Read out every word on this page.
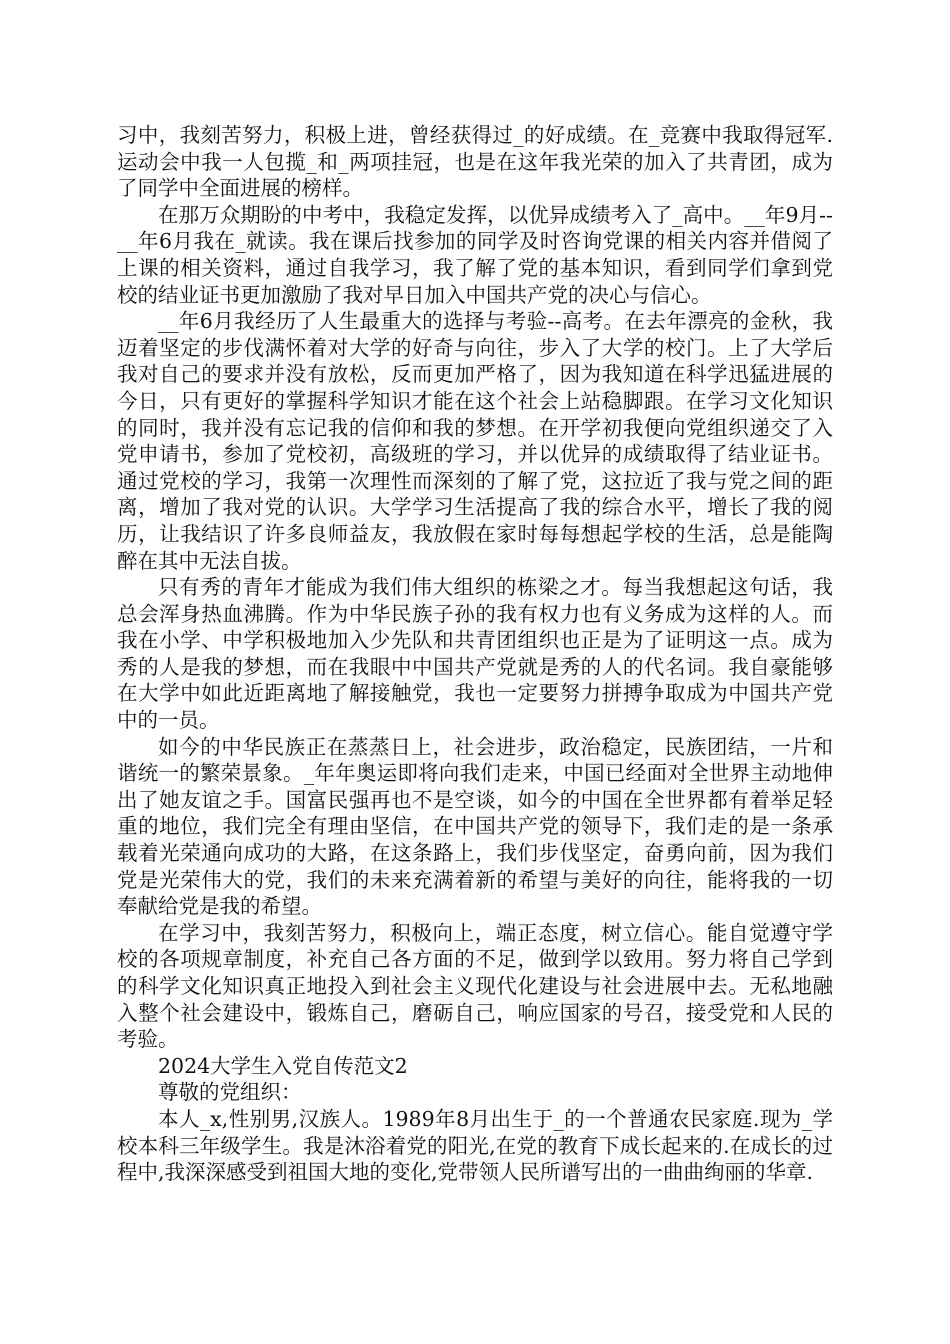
习中，我刻苦努力，积极上进，曾经获得过_的好成绩。在_竞赛中我取得冠军.运动会中我一人包揽_和_两项挂冠，也是在这年我光荣的加入了共青团，成为了同学中全面进展的榜样。

在那万众期盼的中考中，我稳定发挥，以优异成绩考入了_高中。__年9月--__年6月我在_就读。我在课后找参加的同学及时咨询党课的相关内容并借阅了上课的相关资料，通过自我学习，我了解了党的基本知识，看到同学们拿到党校的结业证书更加激励了我对早日加入中国共产党的决心与信心。

__年6月我经历了人生最重大的选择与考验--高考。在去年漂亮的金秋，我迈着坚定的步伐满怀着对大学的好奇与向往，步入了大学的校门。上了大学后我对自己的要求并没有放松，反而更加严格了，因为我知道在科学迅猛进展的今日，只有更好的掌握科学知识才能在这个社会上站稳脚跟。在学习文化知识的同时，我并没有忘记我的信仰和我的梦想。在开学初我便向党组织递交了入党申请书，参加了党校初，高级班的学习，并以优异的成绩取得了结业证书。通过党校的学习，我第一次理性而深刻的了解了党，这拉近了我与党之间的距离，增加了我对党的认识。大学学习生活提高了我的综合水平，增长了我的阅历，让我结识了许多良师益友，我放假在家时每每想起学校的生活，总是能陶醉在其中无法自拔。

只有秀的青年才能成为我们伟大组织的栋梁之才。每当我想起这句话，我总会浑身热血沸腾。作为中华民族子孙的我有权力也有义务成为这样的人。而我在小学、中学积极地加入少先队和共青团组织也正是为了证明这一点。成为秀的人是我的梦想，而在我眼中中国共产党就是秀的人的代名词。我自豪能够在大学中如此近距离地了解接触党，我也一定要努力拼搏争取成为中国共产党中的一员。

如今的中华民族正在蒸蒸日上，社会进步，政治稳定，民族团结，一片和谐统一的繁荣景象。_年年奥运即将向我们走来，中国已经面对全世界主动地伸出了她友谊之手。国富民强再也不是空谈，如今的中国在全世界都有着举足轻重的地位，我们完全有理由坚信，在中国共产党的领导下，我们走的是一条承载着光荣通向成功的大路，在这条路上，我们步伐坚定，奋勇向前，因为我们党是光荣伟大的党，我们的未来充满着新的希望与美好的向往，能将我的一切奉献给党是我的希望。

在学习中，我刻苦努力，积极向上，端正态度，树立信心。能自觉遵守学校的各项规章制度，补充自己各方面的不足，做到学以致用。努力将自己学到的科学文化知识真正地投入到社会主义现代化建设与社会进展中去。无私地融入整个社会建设中，锻炼自己，磨砺自己，响应国家的号召，接受党和人民的考验。

2024大学生入党自传范文2

尊敬的党组织：

本人_x,性别男,汉族人。1989年8月出生于_的一个普通农民家庭.现为_学校本科三年级学生。我是沐浴着党的阳光,在党的教育下成长起来的.在成长的过程中,我深深感受到祖国大地的变化,党带领人民所谱写出的一曲曲绚丽的华章.
